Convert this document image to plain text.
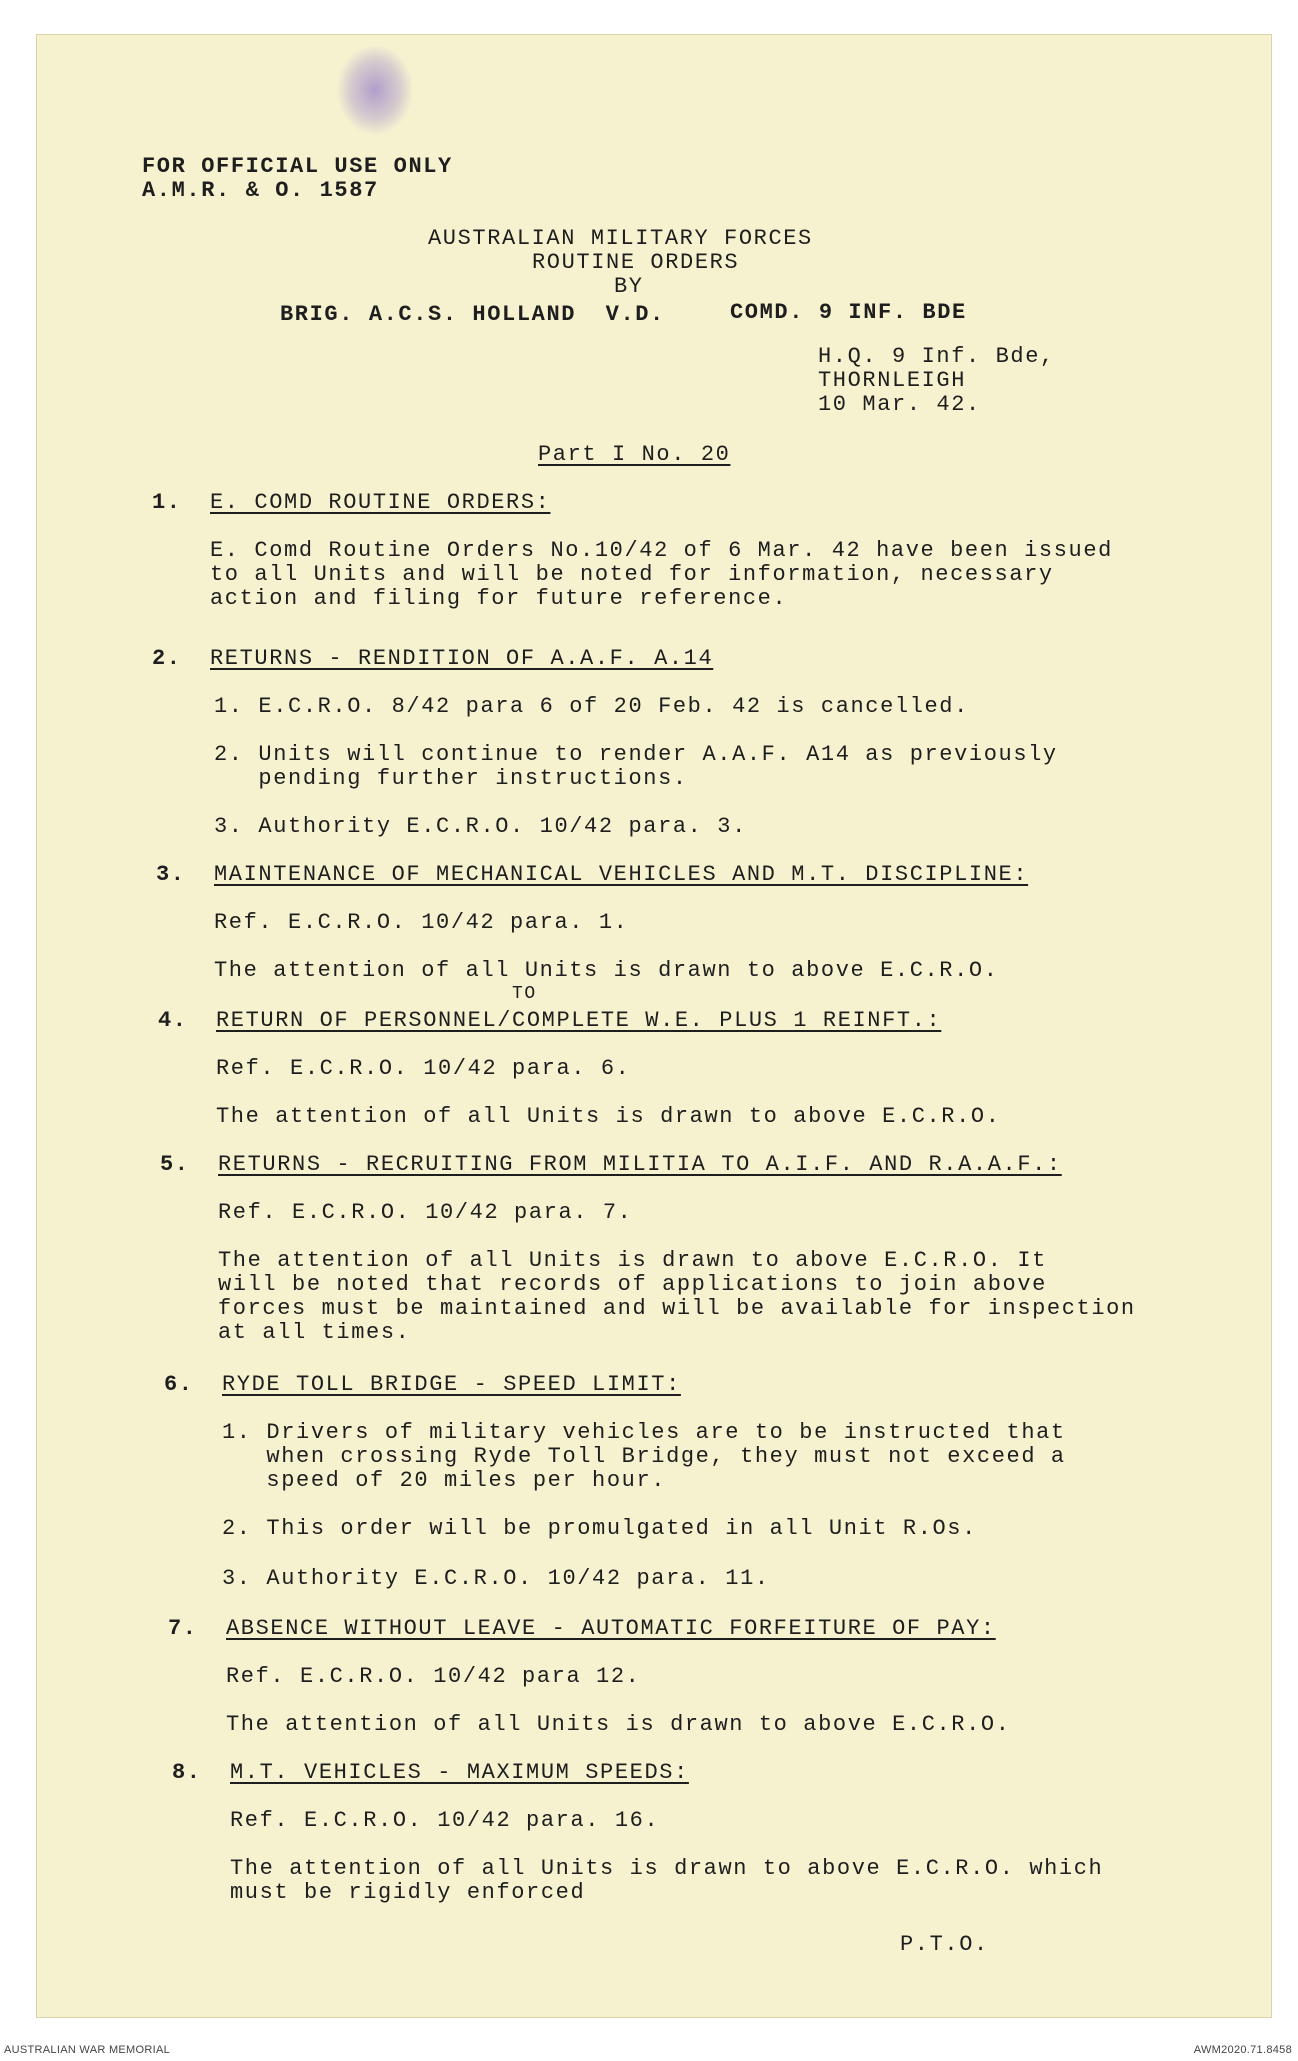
FOR OFFICIAL USE ONLY
A.M.R. & O. 1587
AUSTRALIAN MILITARY FORCES
ROUTINE ORDERS
BY
BRIG. A.C.S. HOLLAND  V.D.	COMD. 9 INF. BDE
H.Q. 9 Inf. Bde,
THORNLEIGH
10 Mar. 42.
Part I No. 20
1. E. COMD ROUTINE ORDERS:
E. Comd Routine Orders No.10/42 of 6 Mar. 42 have been issued
to all Units and will be noted for information, necessary
action and filing for future reference.
2. RETURNS - RENDITION OF A.A.F. A.14
1. E.C.R.O. 8/42 para 6 of 20 Feb. 42 is cancelled.
2. Units will continue to render A.A.F. A14 as previously
pending further instructions.
3. Authority E.C.R.O. 10/42 para. 3.
3. MAINTENANCE OF MECHANICAL VEHICLES AND M.T. DISCIPLINE:
Ref. E.C.R.O. 10/42 para. 1.
The attention of all Units is drawn to above E.C.R.O.
TO
4. RETURN OF PERSONNEL/COMPLETE W.E. PLUS 1 REINFT.:
Ref. E.C.R.O. 10/42 para. 6.
The attention of all Units is drawn to above E.C.R.O.
5. RETURNS - RECRUITING FROM MILITIA TO A.I.F. AND R.A.A.F.:
Ref. E.C.R.O. 10/42 para. 7.
The attention of all Units is drawn to above E.C.R.O. It
will be noted that records of applications to join above
forces must be maintained and will be available for inspection
at all times.
6. RYDE TOLL BRIDGE - SPEED LIMIT:
1. Drivers of military vehicles are to be instructed that
when crossing Ryde Toll Bridge, they must not exceed a
speed of 20 miles per hour.
2. This order will be promulgated in all Unit R.Os.
3. Authority E.C.R.O. 10/42 para. 11.
7. ABSENCE WITHOUT LEAVE - AUTOMATIC FORFEITURE OF PAY:
Ref. E.C.R.O. 10/42 para 12.
The attention of all Units is drawn to above E.C.R.O.
8. M.T. VEHICLES - MAXIMUM SPEEDS:
Ref. E.C.R.O. 10/42 para. 16.
The attention of all Units is drawn to above E.C.R.O. which
must be rigidly enforced
P.T.O.
AUSTRALIAN WAR MEMORIAL	AWM2020.71.8458
